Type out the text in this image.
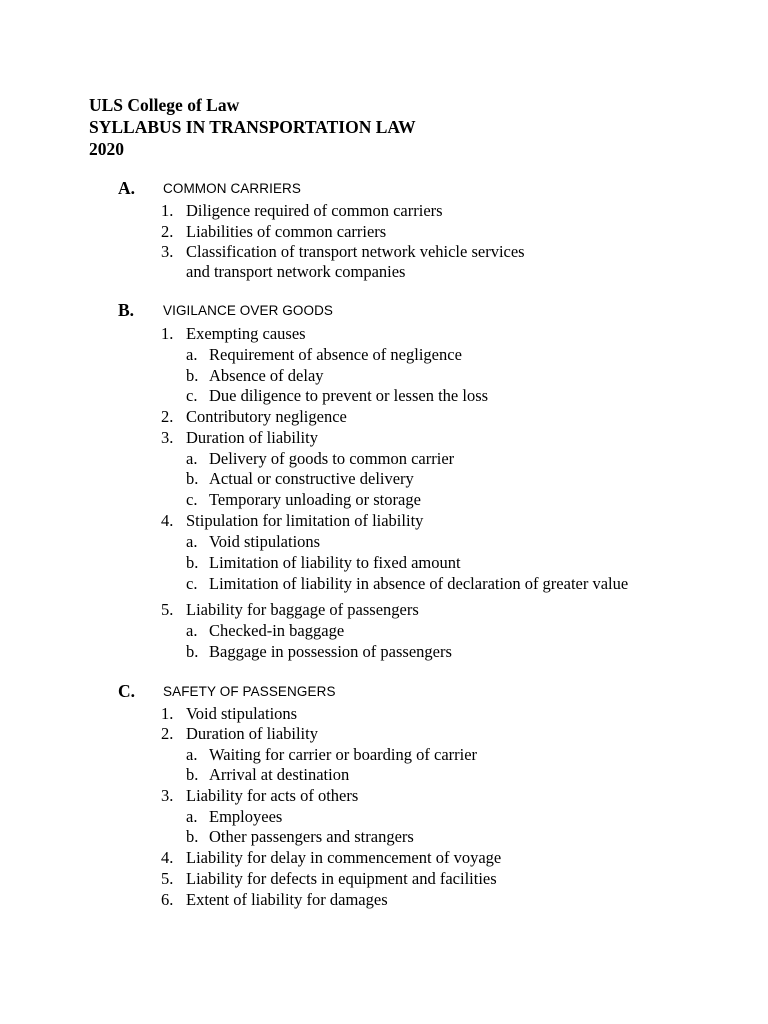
ULS College of Law
SYLLABUS IN TRANSPORTATION LAW
2020
A. COMMON CARRIERS
1. Diligence required of common carriers
2. Liabilities of common carriers
3. Classification of transport network vehicle services
and transport network companies
B. VIGILANCE OVER GOODS
1. Exempting causes
a. Requirement of absence of negligence
b. Absence of delay
c. Due diligence to prevent or lessen the loss
2. Contributory negligence
3. Duration of liability
a. Delivery of goods to common carrier
b. Actual or constructive delivery
c. Temporary unloading or storage
4. Stipulation for limitation of liability
a. Void stipulations
b. Limitation of liability to fixed amount
c. Limitation of liability in absence of declaration of greater value
5. Liability for baggage of passengers
a. Checked-in baggage
b. Baggage in possession of passengers
C. SAFETY OF PASSENGERS
1. Void stipulations
2. Duration of liability
a. Waiting for carrier or boarding of carrier
b. Arrival at destination
3. Liability for acts of others
a. Employees
b. Other passengers and strangers
4. Liability for delay in commencement of voyage
5. Liability for defects in equipment and facilities
6. Extent of liability for damages
